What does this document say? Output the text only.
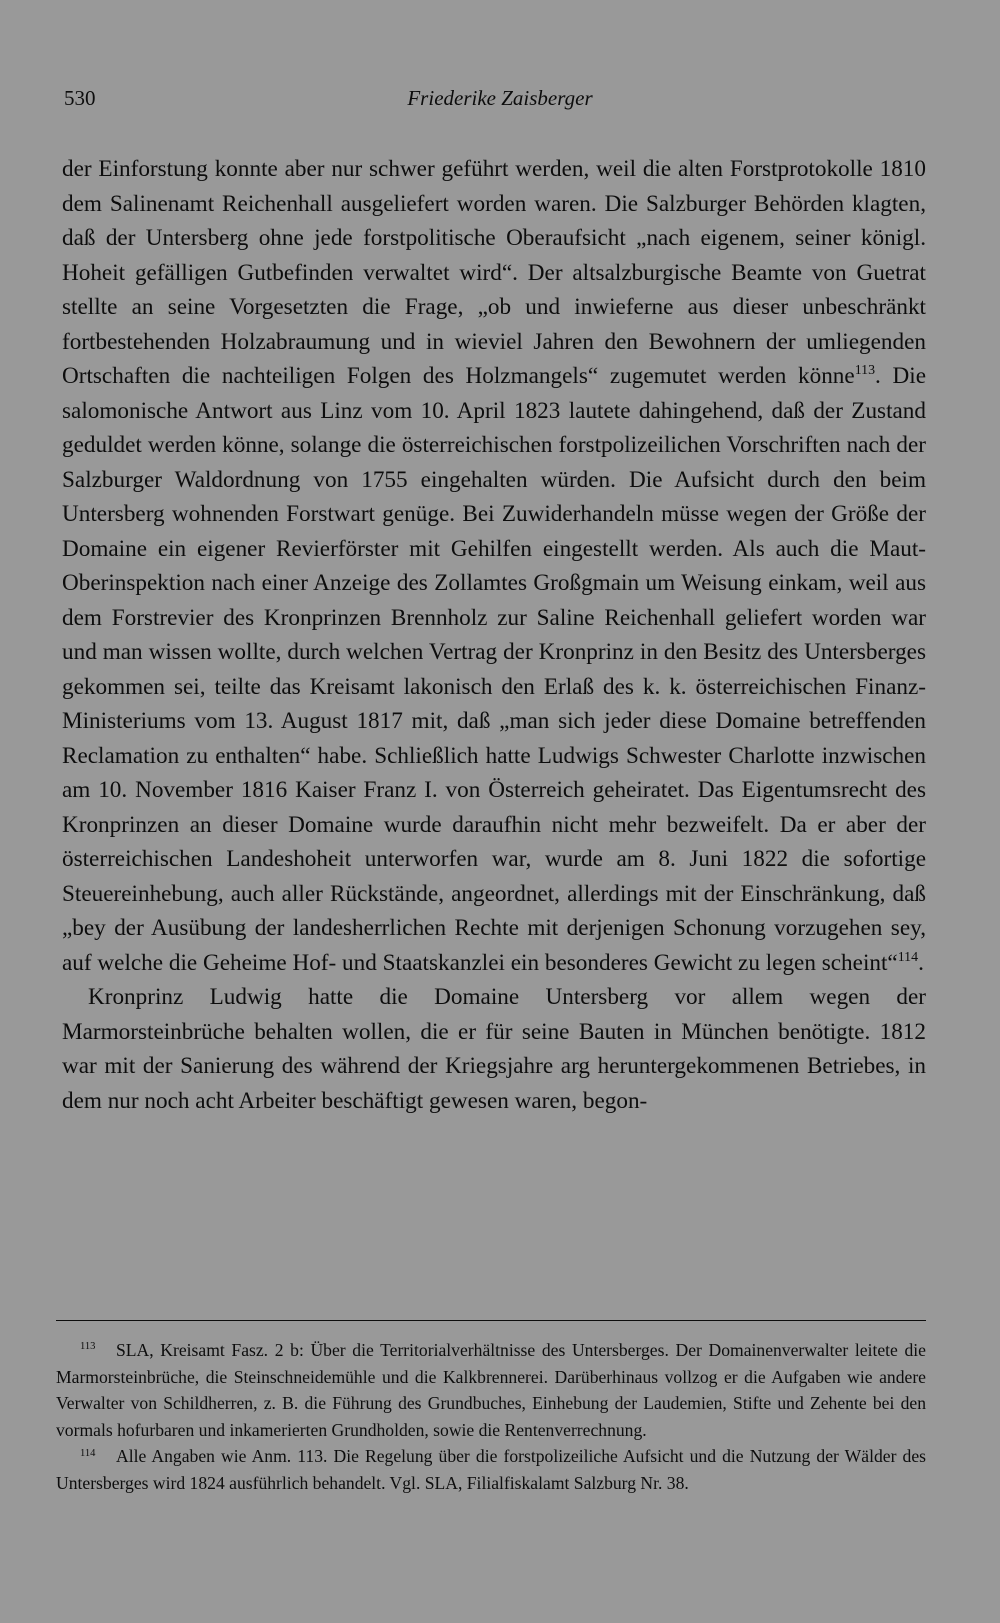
530	Friederike Zaisberger

der Einforstung konnte aber nur schwer geführt werden, weil die alten Forstprotokolle 1810 dem Salinenamt Reichenhall ausgeliefert worden waren. Die Salzburger Behörden klagten, daß der Untersberg ohne jede forstpolitische Oberaufsicht „nach eigenem, seiner königl. Hoheit gefälligen Gutbefinden verwaltet wird“. Der altsalzburgische Beamte von Guetrat stellte an seine Vorgesetzten die Frage, „ob und inwieferne aus dieser unbeschränkt fortbestehenden Holzabraumung und in wieviel Jahren den Bewohnern der umliegenden Ortschaften die nachteiligen Folgen des Holzmangels“ zugemutet werden könne$^{113}$. Die salomonische Antwort aus Linz vom 10. April 1823 lautete dahingehend, daß der Zustand geduldet werden könne, solange die österreichischen forstpolizeilichen Vorschriften nach der Salzburger Waldordnung von 1755 eingehalten würden. Die Aufsicht durch den beim Untersberg wohnenden Forstwart genüge. Bei Zuwiderhandeln müsse wegen der Größe der Domaine ein eigener Revierförster mit Gehilfen eingestellt werden. Als auch die Maut-Oberinspektion nach einer Anzeige des Zollamtes Großgmain um Weisung einkam, weil aus dem Forstrevier des Kronprinzen Brennholz zur Saline Reichenhall geliefert worden war und man wissen wollte, durch welchen Vertrag der Kronprinz in den Besitz des Untersberges gekommen sei, teilte das Kreisamt lakonisch den Erlaß des k. k. österreichischen Finanz-Ministeriums vom 13. August 1817 mit, daß „man sich jeder diese Domaine betreffenden Reclamation zu enthalten“ habe. Schließlich hatte Ludwigs Schwester Charlotte inzwischen am 10. November 1816 Kaiser Franz I. von Österreich geheiratet. Das Eigentumsrecht des Kronprinzen an dieser Domaine wurde daraufhin nicht mehr bezweifelt. Da er aber der österreichischen Landeshoheit unterworfen war, wurde am 8. Juni 1822 die sofortige Steuereinhebung, auch aller Rückstände, angeordnet, allerdings mit der Einschränkung, daß „bey der Ausübung der landesherrlichen Rechte mit derjenigen Schonung vorzugehen sey, auf welche die Geheime Hof- und Staatskanzlei ein besonderes Gewicht zu legen scheint“$^{114}$.

Kronprinz Ludwig hatte die Domaine Untersberg vor allem wegen der Marmorsteinbrüche behalten wollen, die er für seine Bauten in München benötigte. 1812 war mit der Sanierung des während der Kriegsjahre arg heruntergekommenen Betriebes, in dem nur noch acht Arbeiter beschäftigt gewesen waren, begon-

$^{113}$ SLA, Kreisamt Fasz. 2 b: Über die Territorialverhältnisse des Untersberges. Der Domainenverwalter leitete die Marmorsteinbrüche, die Steinschneidemühle und die Kalkbrennerei. Darüberhinaus vollzog er die Aufgaben wie andere Verwalter von Schildherren, z. B. die Führung des Grundbuches, Einhebung der Laudemien, Stifte und Zehente bei den vormals hofurbaren und inkamerierten Grundholden, sowie die Rentenverrechnung.

$^{114}$ Alle Angaben wie Anm. 113. Die Regelung über die forstpolizeiliche Aufsicht und die Nutzung der Wälder des Untersberges wird 1824 ausführlich behandelt. Vgl. SLA, Filialfiskalamt Salzburg Nr. 38.
